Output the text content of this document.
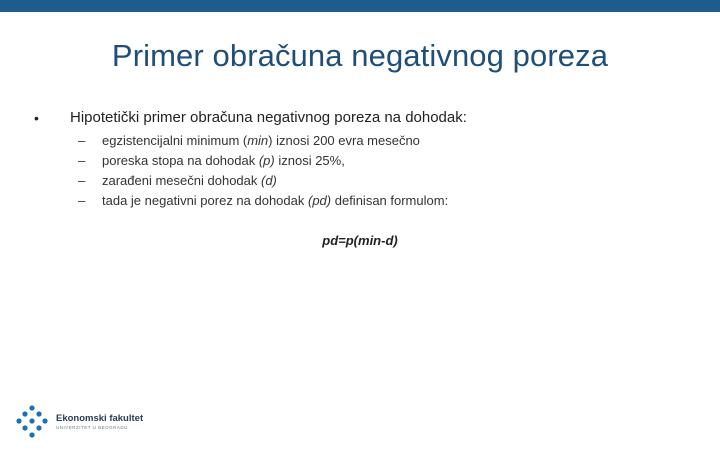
Primer obračuna negativnog poreza
• Hipotetički primer obračuna negativnog poreza na dohodak:
– egzistencijalni minimum (min) iznosi 200 evra mesečno
– poreska stopa na dohodak (p) iznosi 25%,
– zarađeni mesečni dohodak (d)
– tada je negativni porez na dohodak (pd) definisan formulom:
pd=p(min-d)
Ekonomski fakultet
UNIVERZITET U BEOGRADU
